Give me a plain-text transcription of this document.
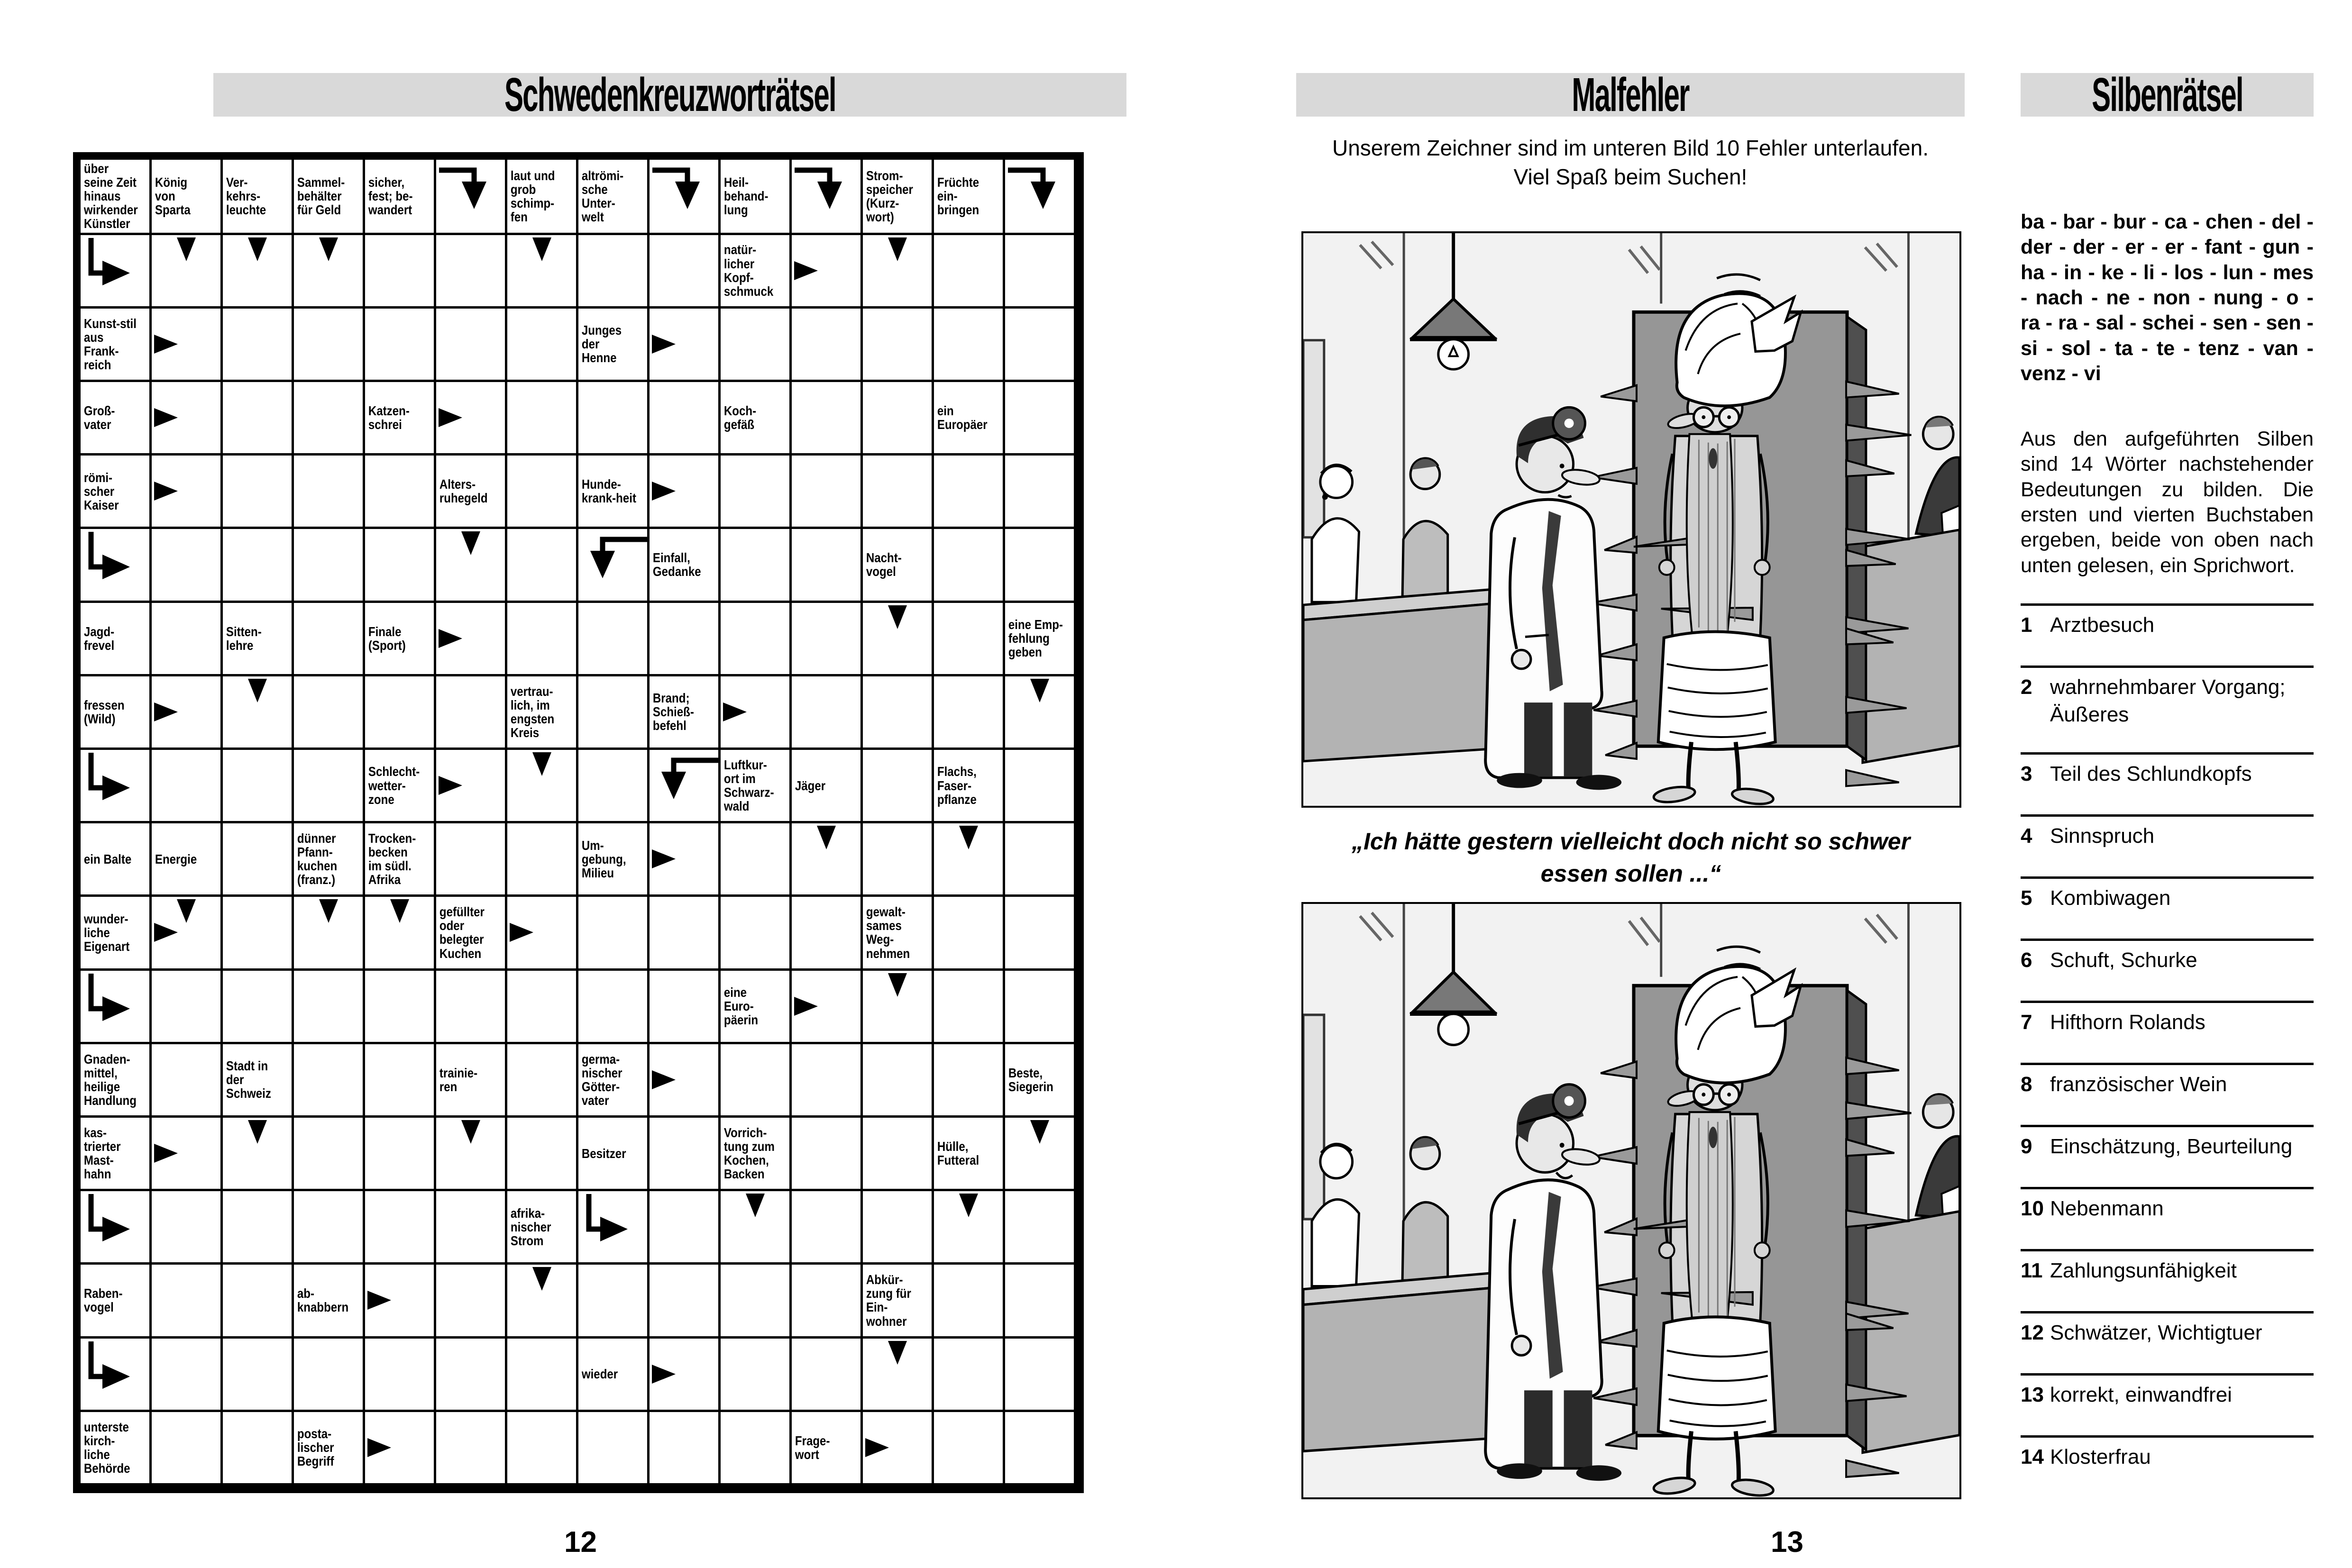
Schwedenkreuzworträtsel
über seine Zeit hinaus wirkender Künstler
König von Sparta
Ver-kehrs-leuchte
Sammel-behälter für Geld
sicher, fest; be-wandert
laut und grob schimp-fen
altrömi-sche Unter-welt
Heil-behand-lung
Strom-speicher (Kurz-wort)
Früchte ein-bringen
natür-licher Kopf-schmuck
Kunst-stil aus Frank-reich
Junges der Henne
Groß-vater
Katzen-schrei
Koch-gefäß
ein Europäer
römi-scher Kaiser
Alters-ruhegeld
Hunde-krank-heit
Einfall, Gedanke
Nacht-vogel
Jagd-frevel
Sitten-lehre
Finale (Sport)
eine Emp-fehlung geben
fressen (Wild)
vertrau-lich, im engsten Kreis
Brand; Schieß-befehl
Schlecht-wetter-zone
Luftkur-ort im Schwarz-wald
Jäger
Flachs, Faser-pflanze
ein Balte	Energie
dünner Pfann-kuchen (franz.)
Trocken-becken im südl. Afrika
Um-gebung, Milieu
wunder-liche Eigenart
gefüllter oder belegter Kuchen
gewalt-sames Weg-nehmen
eine Euro-päerin
Gnaden-mittel, heilige Handlung
Stadt in der Schweiz
trainie-ren
germa-nischer Götter-vater
Beste, Siegerin
kas-trierter Mast-hahn
Besitzer
Vorrich-tung zum Kochen, Backen
Hülle, Futteral
afrika-nischer Strom
Raben-vogel
ab-knabbern
Abkür-zung für Ein-wohner
wieder
unterste kirch-liche Behörde
posta-lischer Begriff
Frage-wort
12
Malfehler
Unserem Zeichner sind im unteren Bild 10 Fehler unterlaufen.
Viel Spaß beim Suchen!
„Ich hätte gestern vielleicht doch nicht so schwer essen sollen ...“
13
Silbenrätsel
ba - bar - bur - ca - chen - del - der - der - er - er - fant - gun - ha - in - ke - li - los - lun - mes - nach - ne - non - nung - o - ra - ra - sal - schei - sen - sen - si - sol - ta - te - tenz - van - venz - vi
Aus den aufgeführten Silben sind 14 Wörter nachstehender Bedeutungen zu bilden. Die ersten und vierten Buchstaben ergeben, beide von oben nach unten gelesen, ein Sprichwort.
1 Arztbesuch
2 wahrnehmbarer Vorgang; Äußeres
3 Teil des Schlundkopfs
4 Sinnspruch
5 Kombiwagen
6 Schuft, Schurke
7 Hifthorn Rolands
8 französischer Wein
9 Einschätzung, Beurteilung
10 Nebenmann
11 Zahlungsunfähigkeit
12 Schwätzer, Wichtigtuer
13 korrekt, einwandfrei
14 Klosterfrau
